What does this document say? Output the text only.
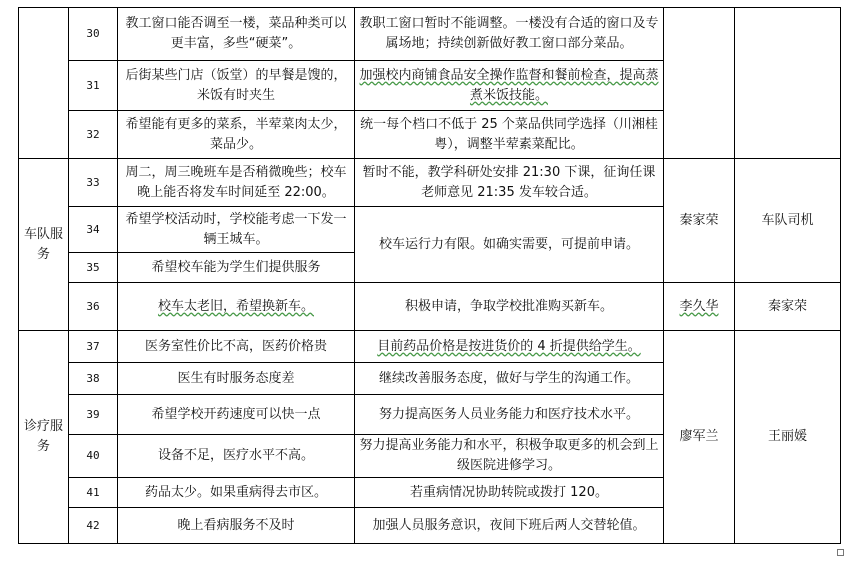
	30	教工窗口能否调至一楼，菜品种类可以更丰富，多些“硬菜”。	教职工窗口暂时不能调整。一楼没有合适的窗口及专属场地；持续创新做好教工窗口部分菜品。		
	31	后街某些门店（饭堂）的早餐是馊的，米饭有时夹生	加强校内商铺食品安全操作监督和餐前检查，提高蒸煮米饭技能。		
	32	希望能有更多的菜系，半荤菜肉太少，菜品少。	统一每个档口不低于 25 个菜品供同学选择（川湘桂粤），调整半荤素菜配比。		
车队服务	33	周二，周三晚班车是否稍微晚些；校车晚上能否将发车时间延至 22:00。	暂时不能，教学科研处安排 21:30 下课，征询任课老师意见 21:35 发车较合适。	秦家荣	车队司机
	34	希望学校活动时，学校能考虑一下发一辆王城车。	校车运行力有限。如确实需要，可提前申请。		
	35	希望校车能为学生们提供服务			
	36	校车太老旧，希望换新车。	积极申请，争取学校批准购买新车。	李久华	秦家荣
诊疗服务	37	医务室性价比不高，医药价格贵	目前药品价格是按进货价的 4 折提供给学生。	廖军兰	王丽媛
	38	医生有时服务态度差	继续改善服务态度，做好与学生的沟通工作。		
	39	希望学校开药速度可以快一点	努力提高医务人员业务能力和医疗技术水平。		
	40	设备不足，医疗水平不高。	努力提高业务能力和水平，积极争取更多的机会到上级医院进修学习。		
	41	药品太少。如果重病得去市区。	若重病情况协助转院或拨打 120。		
	42	晚上看病服务不及时	加强人员服务意识，夜间下班后两人交替轮值。		
